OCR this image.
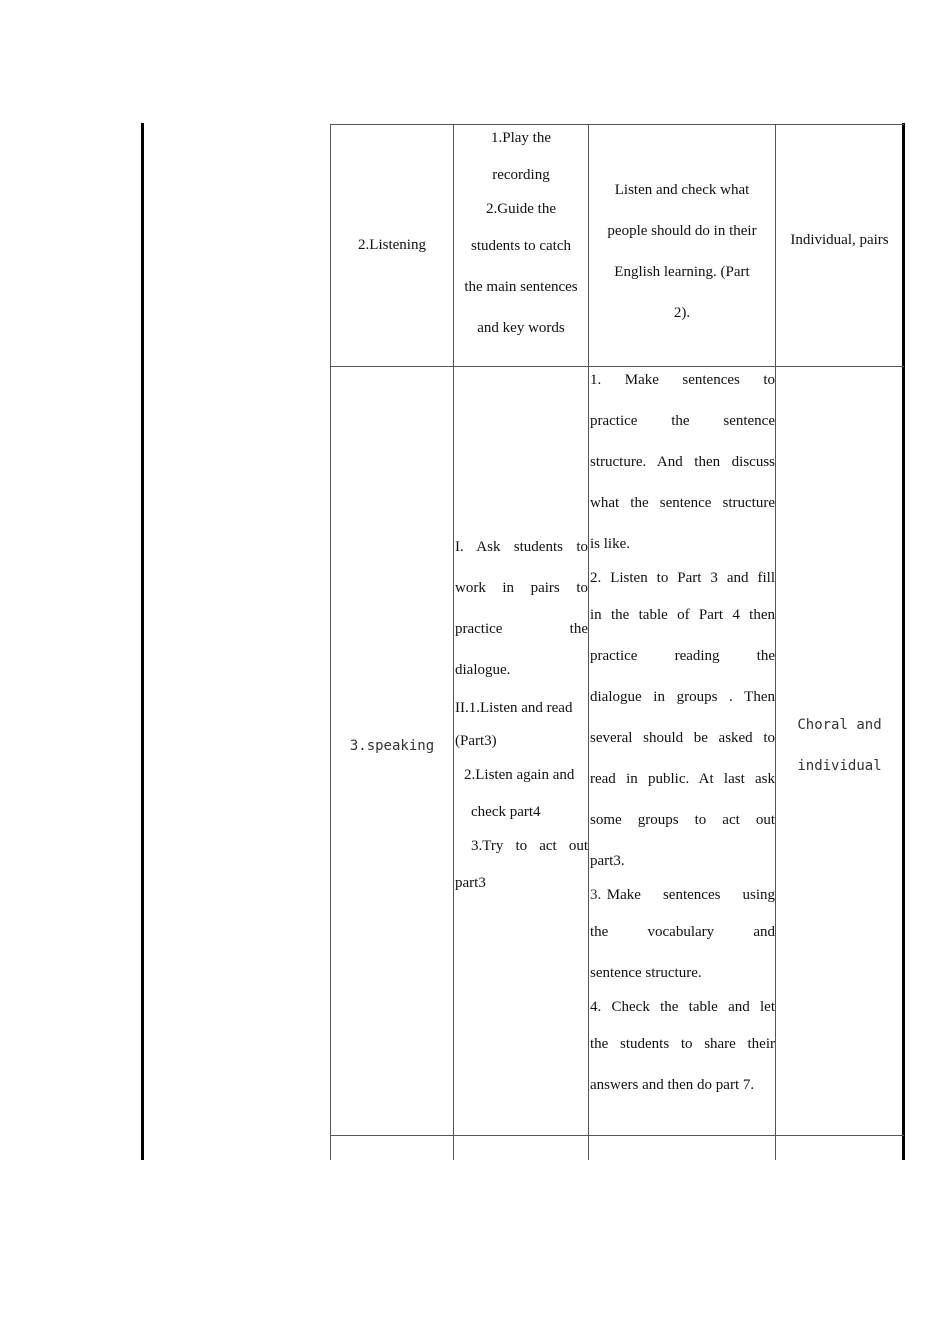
2.Listening
1.Play the
recording
2.Guide the
students to catch
the main sentences
and key words
Listen and check what
people should do in their
English learning. (Part
2).
Individual, pairs
3.speaking
I. Ask students to
work in pairs to
practice the
dialogue.
II.1.Listen and read
(Part3)
2.Listen again and
check part4
3.Try to act out
part3
1. Make sentences to
practice the sentence
structure. And then discuss
what the sentence structure
is like.
2. Listen to Part 3 and fill
in the table of Part 4 then
practice reading the
dialogue in groups . Then
several should be asked to
read in public. At last ask
some groups to act out
part3.
3. Make    sentences    using
the vocabulary and
sentence structure.
4. Check the table and let
the students to share their
answers and then do part 7.
Choral and
individual
